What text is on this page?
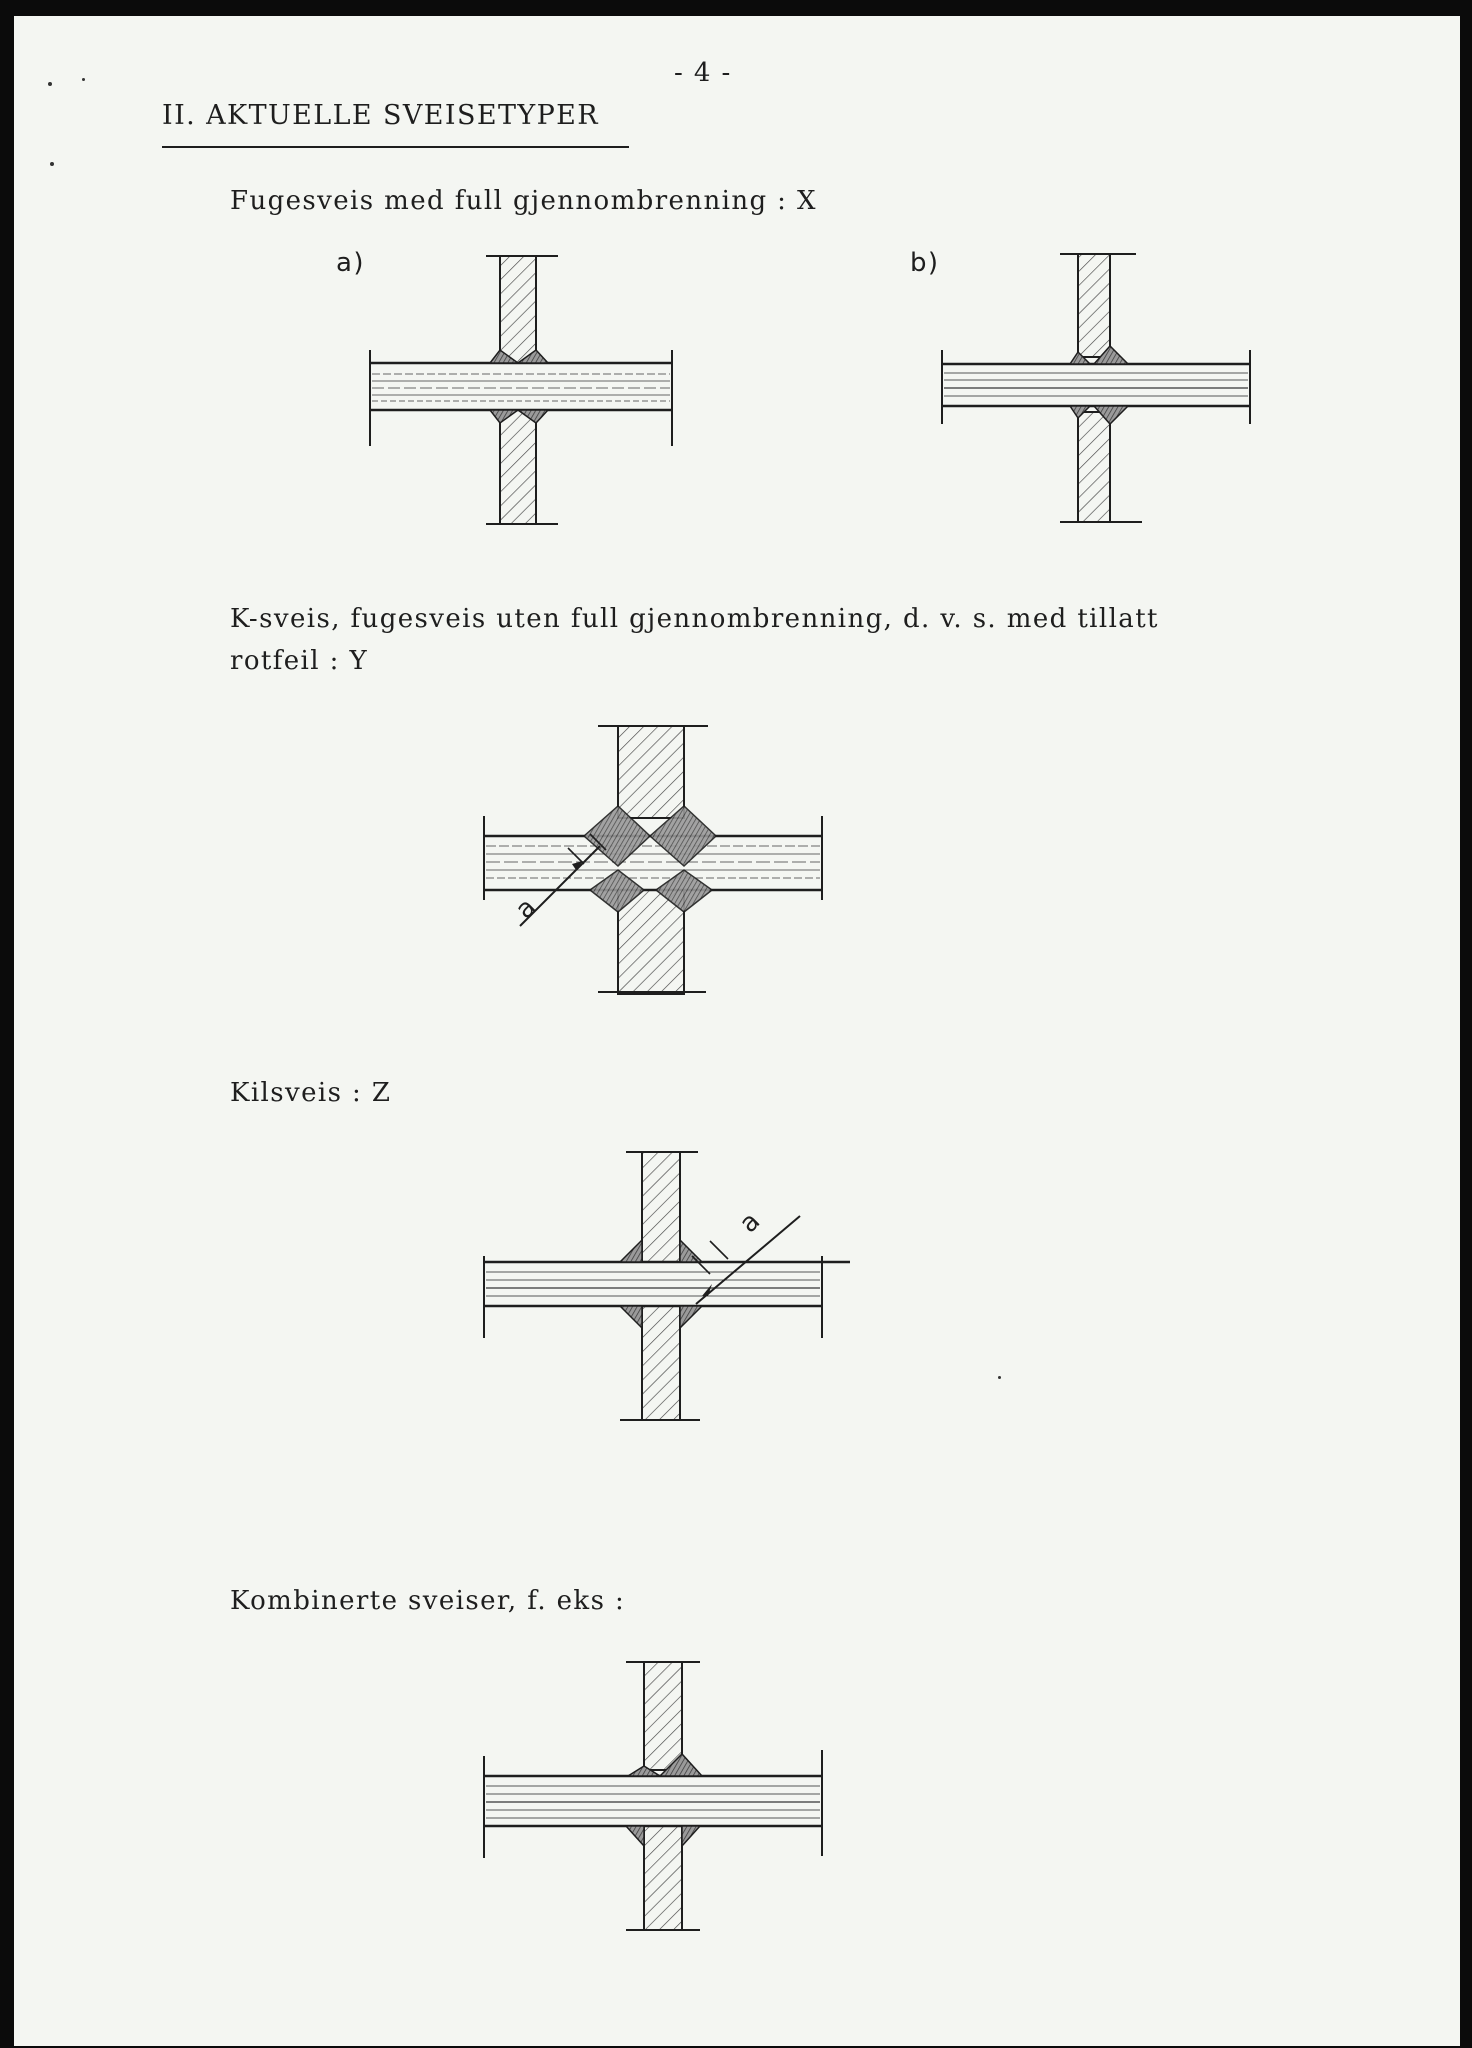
- 4 -
II. AKTUELLE SVEISETYPER
Fugesveis med full gjennombrenning : X
a)	b)
K-sveis, fugesveis uten full gjennombrenning, d. v. s. med tillatt
rotfeil : Y
a
Kilsveis : Z
a
Kombinerte sveiser, f. eks :
